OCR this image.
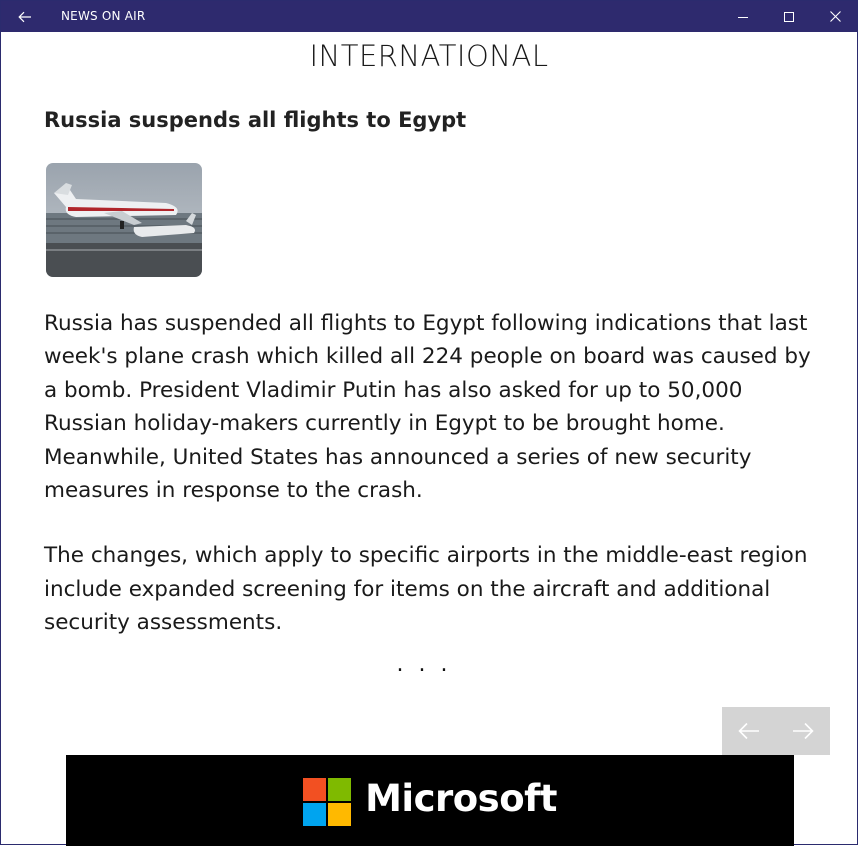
NEWS ON AIR
INTERNATIONAL
Russia suspends all flights to Egypt

Russia has suspended all flights to Egypt following indications that last week's plane crash which killed all 224 people on board was caused by a bomb. President Vladimir Putin has also asked for up to 50,000 Russian holiday-makers currently in Egypt to be brought home. Meanwhile, United States has announced a series of new security measures in response to the crash.

The changes, which apply to specific airports in the middle-east region include expanded screening for items on the aircraft and additional security assessments.

. . .
Microsoft
